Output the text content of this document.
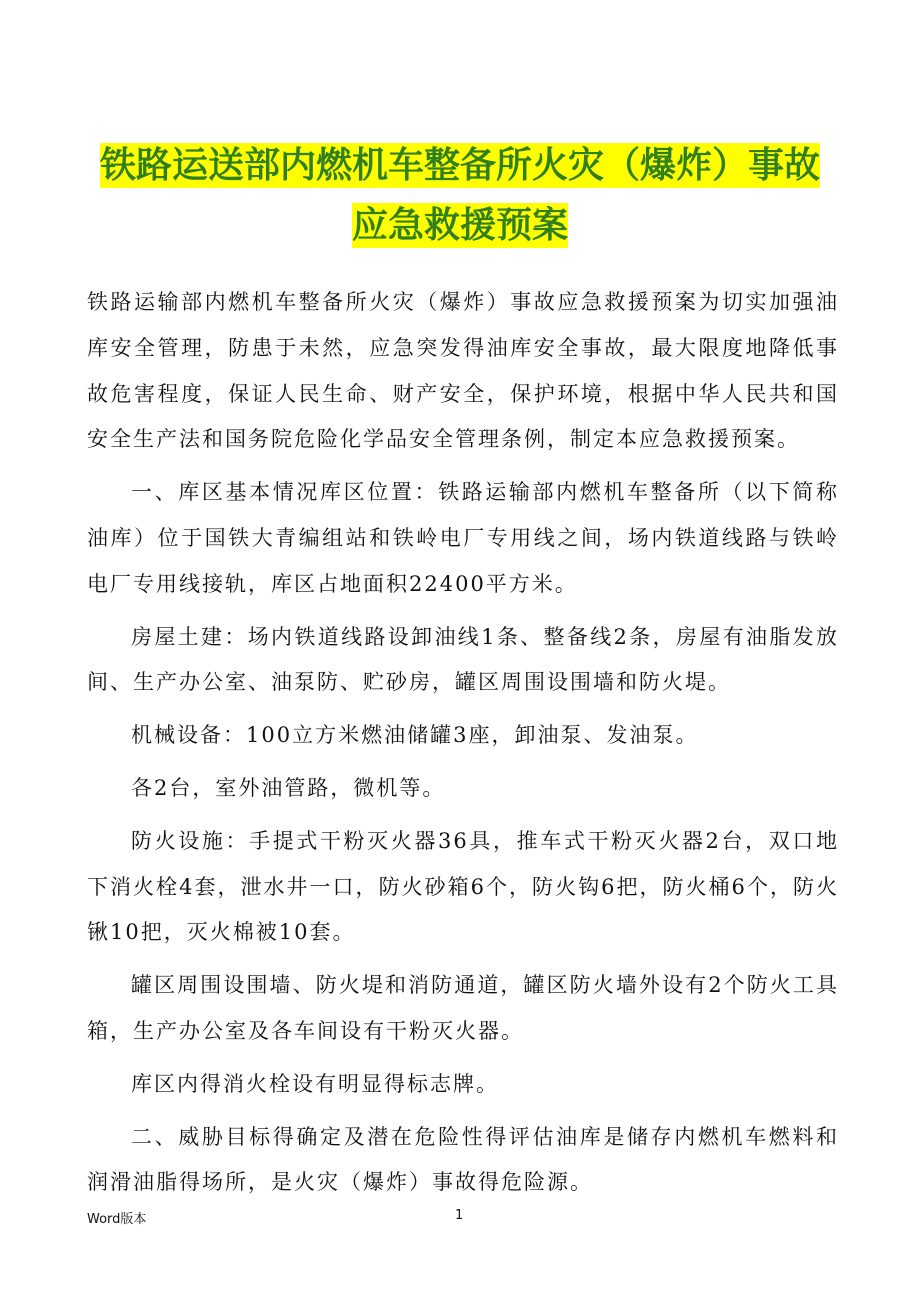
铁路运送部内燃机车整备所火灾（爆炸）事故
应急救援预案

铁路运输部内燃机车整备所火灾（爆炸）事故应急救援预案为切实加强油库安全管理，防患于未然，应急突发得油库安全事故，最大限度地降低事故危害程度，保证人民生命、财产安全，保护环境，根据中华人民共和国安全生产法和国务院危险化学品安全管理条例，制定本应急救援预案。

一、库区基本情况库区位置：铁路运输部内燃机车整备所（以下简称油库）位于国铁大青编组站和铁岭电厂专用线之间，场内铁道线路与铁岭电厂专用线接轨，库区占地面积22400平方米。

房屋土建：场内铁道线路设卸油线1条、整备线2条，房屋有油脂发放间、生产办公室、油泵防、贮砂房，罐区周围设围墙和防火堤。

机械设备：100立方米燃油储罐3座，卸油泵、发油泵。

各2台，室外油管路，微机等。

防火设施：手提式干粉灭火器36具，推车式干粉灭火器2台，双口地下消火栓4套，泄水井一口，防火砂箱6个，防火钩6把，防火桶6个，防火锹10把，灭火棉被10套。

罐区周围设围墙、防火堤和消防通道，罐区防火墙外设有2个防火工具箱，生产办公室及各车间设有干粉灭火器。

库区内得消火栓设有明显得标志牌。

二、威胁目标得确定及潜在危险性得评估油库是储存内燃机车燃料和润滑油脂得场所，是火灾（爆炸）事故得危险源。

Word版本	1
